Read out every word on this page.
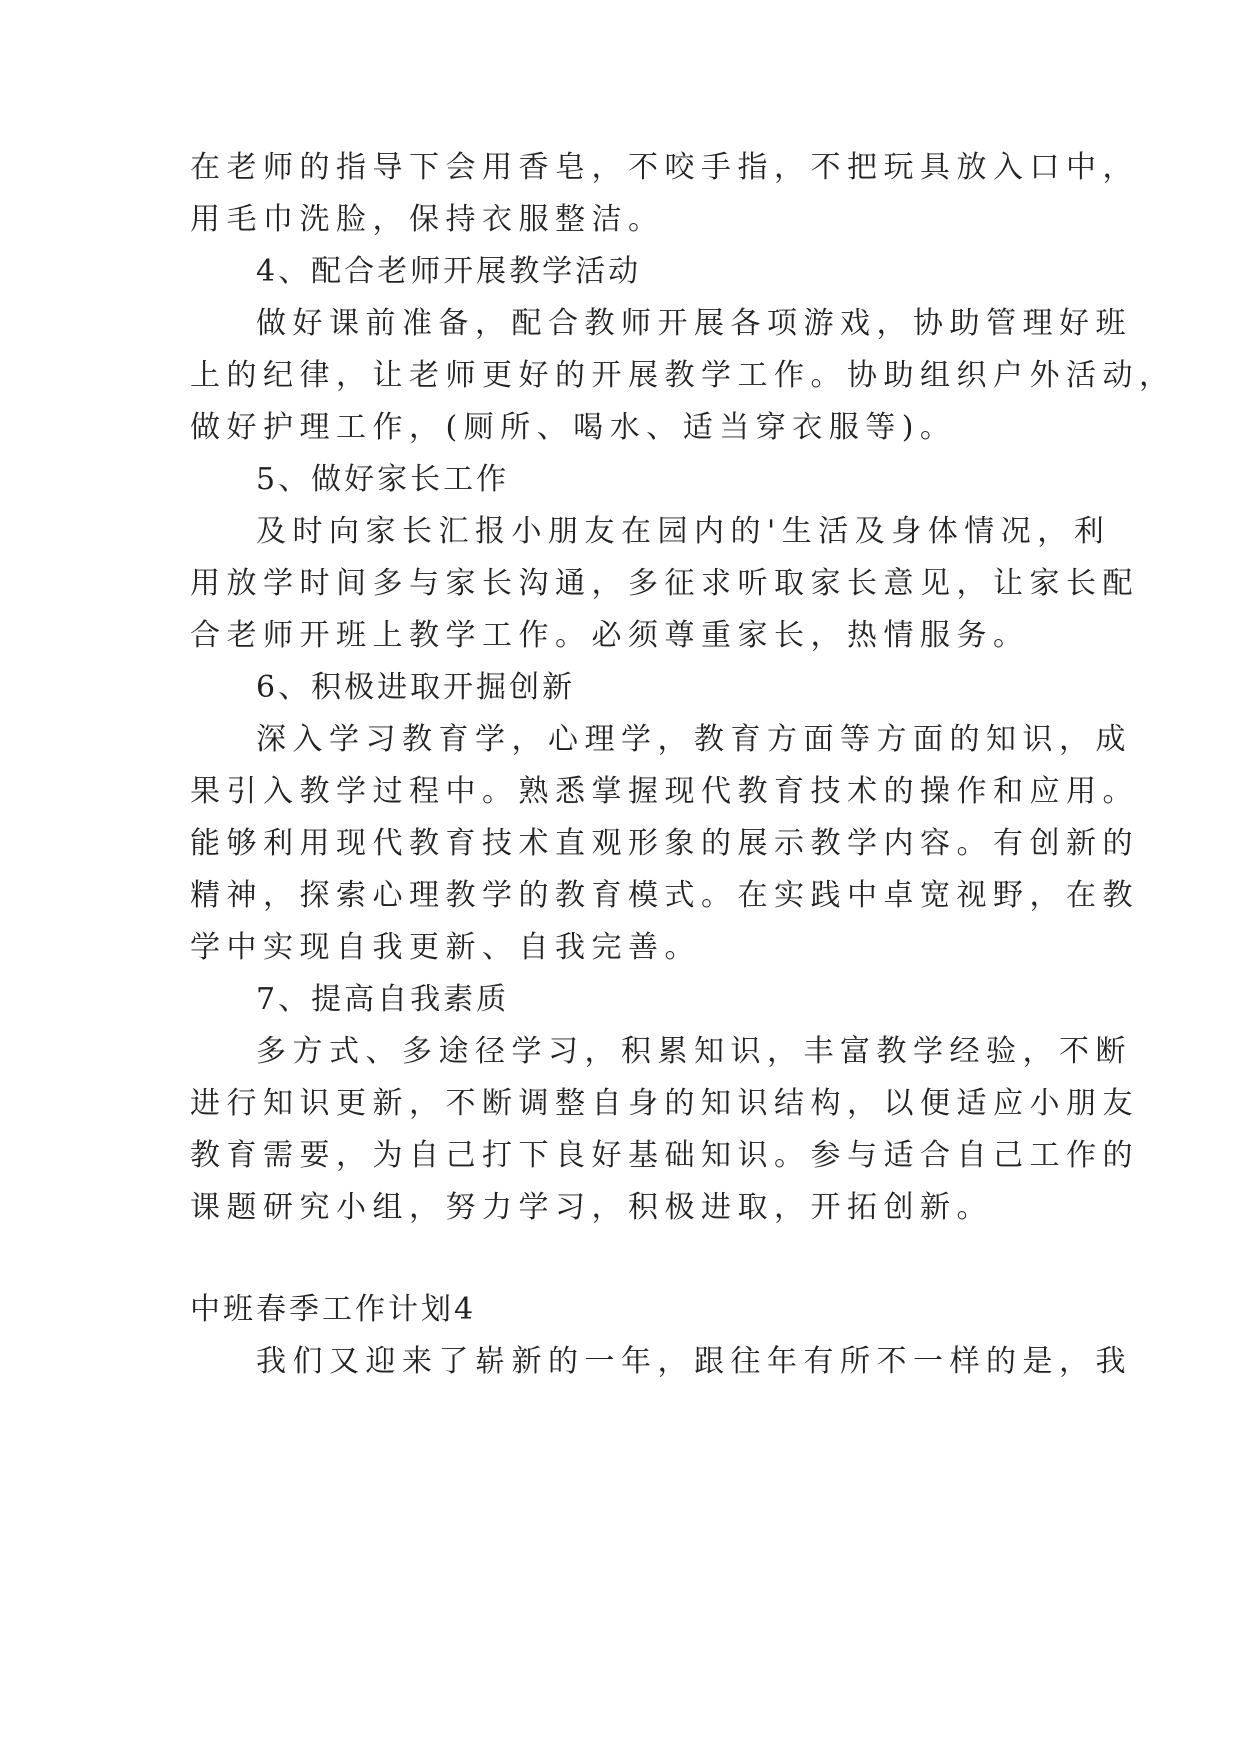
在老师的指导下会用香皂，不咬手指，不把玩具放入口中，
用毛巾洗脸，保持衣服整洁。
4、配合老师开展教学活动
做好课前准备，配合教师开展各项游戏，协助管理好班
上的纪律，让老师更好的开展教学工作。协助组织户外活动，
做好护理工作，(厕所、喝水、适当穿衣服等)。
5、做好家长工作
及时向家长汇报小朋友在园内的'生活及身体情况，利
用放学时间多与家长沟通，多征求听取家长意见，让家长配
合老师开班上教学工作。必须尊重家长，热情服务。
6、积极进取开掘创新
深入学习教育学，心理学，教育方面等方面的知识，成
果引入教学过程中。熟悉掌握现代教育技术的操作和应用。
能够利用现代教育技术直观形象的展示教学内容。有创新的
精神，探索心理教学的教育模式。在实践中卓宽视野，在教
学中实现自我更新、自我完善。
7、提高自我素质
多方式、多途径学习，积累知识，丰富教学经验，不断
进行知识更新，不断调整自身的知识结构，以便适应小朋友
教育需要，为自己打下良好基础知识。参与适合自己工作的
课题研究小组，努力学习，积极进取，开拓创新。
中班春季工作计划4
我们又迎来了崭新的一年，跟往年有所不一样的是，我
